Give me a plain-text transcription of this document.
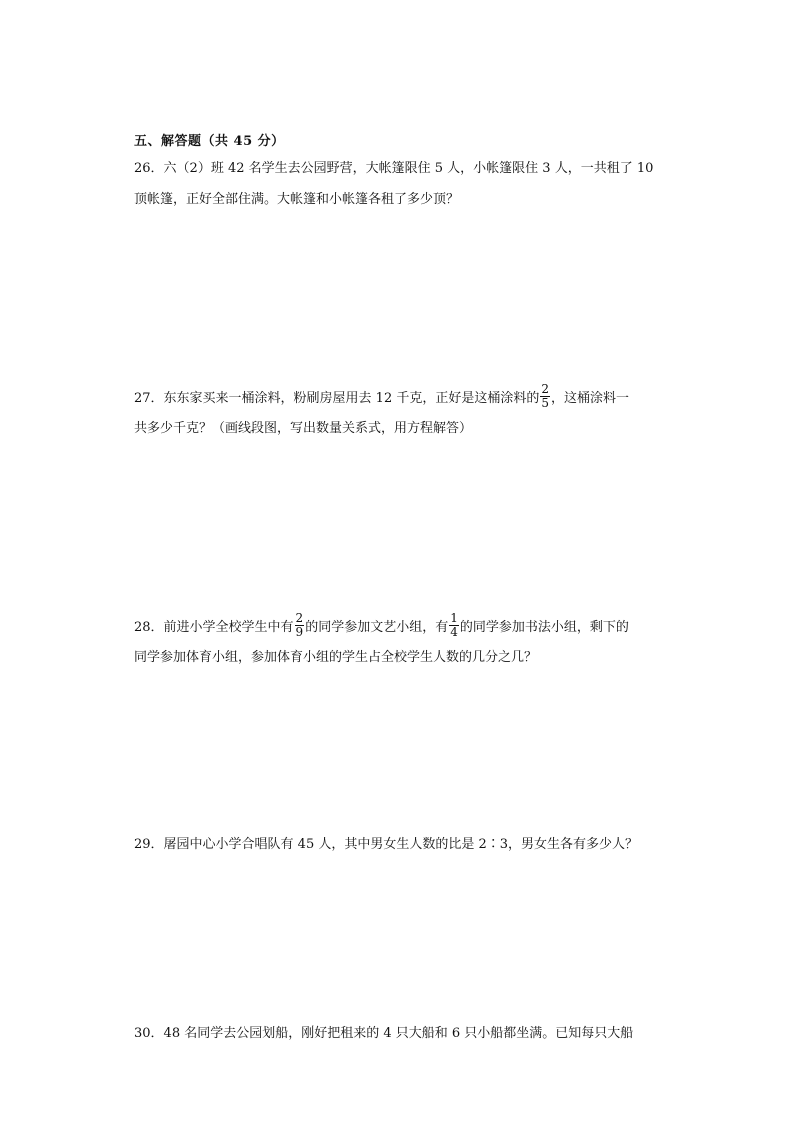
五、解答题（共 45 分）
26．六（2）班 42 名学生去公园野营，大帐篷限住 5 人，小帐篷限住 3 人，一共租了 10
顶帐篷，正好全部住满。大帐篷和小帐篷各租了多少顶？
27．东东家买来一桶涂料，粉刷房屋用去 12 千克，正好是这桶涂料的 $\frac{2}{5}$ ，这桶涂料一
共多少千克？（画线段图，写出数量关系式，用方程解答）
28．前进小学全校学生中有 $\frac{2}{9}$ 的同学参加文艺小组，有 $\frac{1}{4}$ 的同学参加书法小组，剩下的
同学参加体育小组，参加体育小组的学生占全校学生人数的几分之几？
29．屠园中心小学合唱队有 45 人，其中男女生人数的比是 2∶3，男女生各有多少人？
30．48 名同学去公园划船，刚好把租来的 4 只大船和 6 只小船都坐满。已知每只大船
